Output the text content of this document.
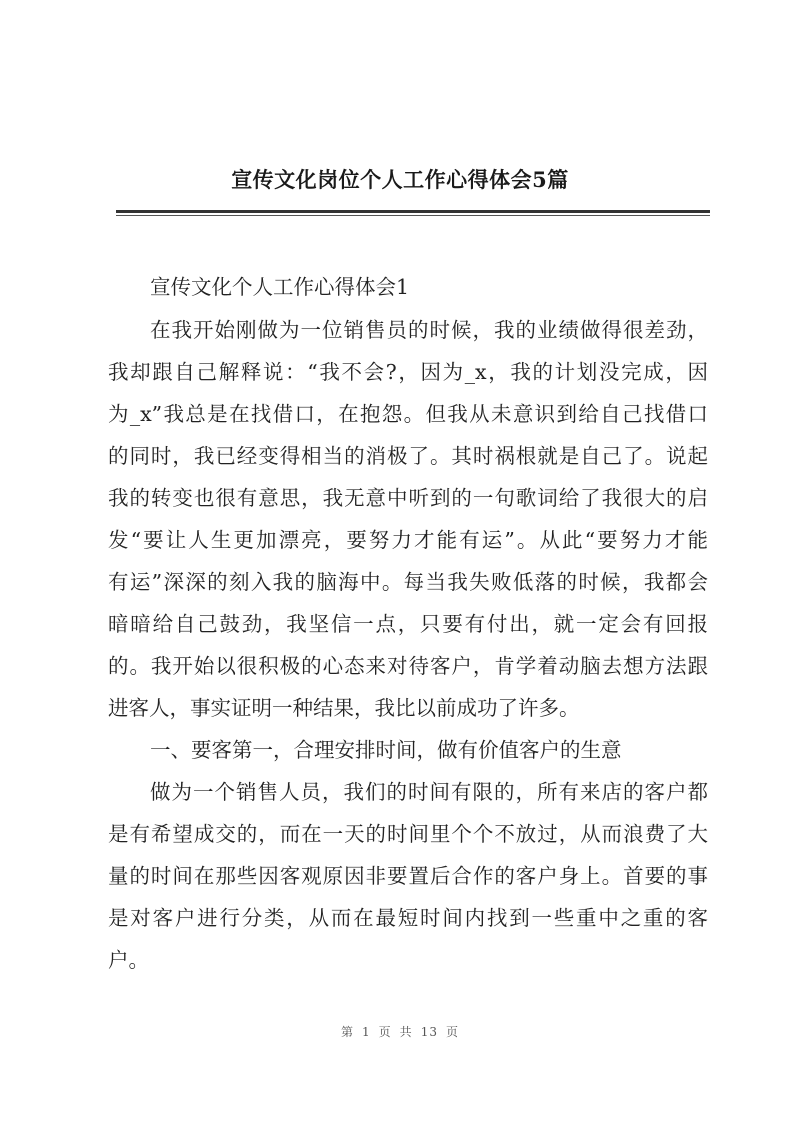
宣传文化岗位个人工作心得体会5篇
宣传文化个人工作心得体会1
在我开始刚做为一位销售员的时候，我的业绩做得很差劲，
我却跟自己解释说：“我不会?，因为_x，我的计划没完成，因
为_x”我总是在找借口，在抱怨。但我从未意识到给自己找借口
的同时，我已经变得相当的消极了。其时祸根就是自己了。说起
我的转变也很有意思，我无意中听到的一句歌词给了我很大的启
发“要让人生更加漂亮，要努力才能有运”。从此“要努力才能
有运”深深的刻入我的脑海中。每当我失败低落的时候，我都会
暗暗给自己鼓劲，我坚信一点，只要有付出，就一定会有回报
的。我开始以很积极的心态来对待客户，肯学着动脑去想方法跟
进客人，事实证明一种结果，我比以前成功了许多。
一、要客第一，合理安排时间，做有价值客户的生意
做为一个销售人员，我们的时间有限的，所有来店的客户都
是有希望成交的，而在一天的时间里个个不放过，从而浪费了大
量的时间在那些因客观原因非要置后合作的客户身上。首要的事
是对客户进行分类，从而在最短时间内找到一些重中之重的客
户。
第 1 页 共 13 页
